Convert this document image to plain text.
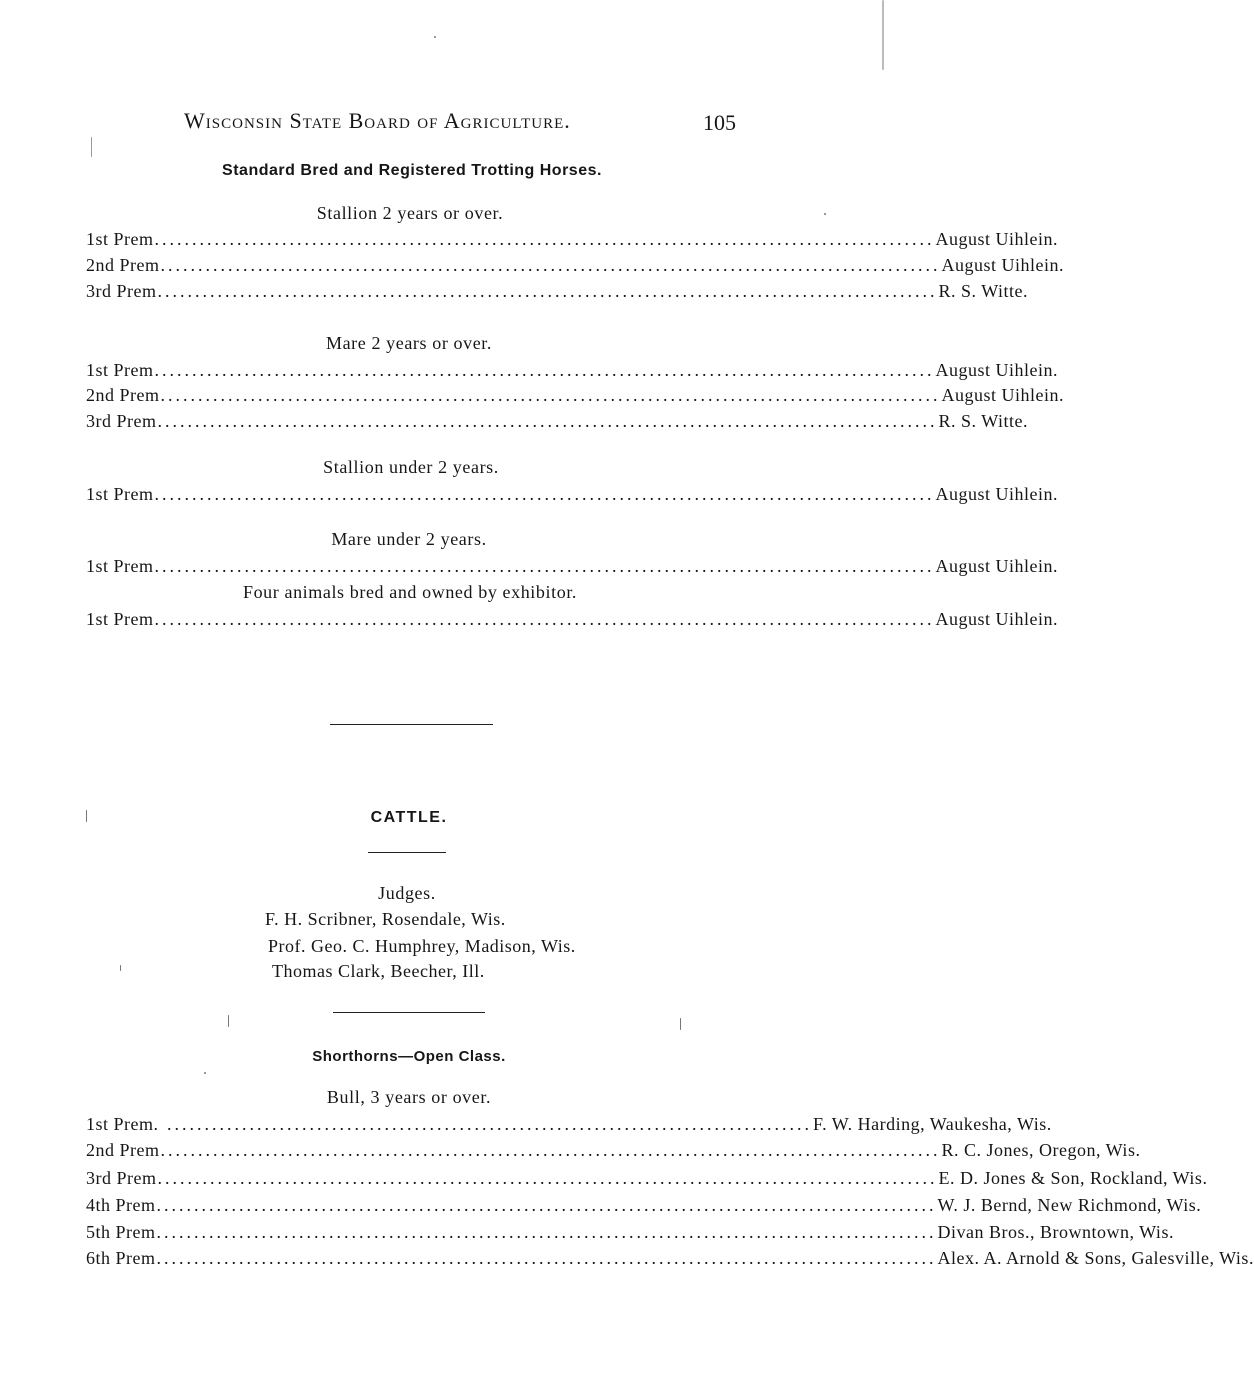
Wisconsin State Board of Agriculture.	105
Standard Bred and Registered Trotting Horses.
Stallion 2 years or over.
1st Prem ........................................................................................................ August Uihlein.
2nd Prem ........................................................................................................ August Uihlein.
3rd Prem ........................................................................................................ R. S. Witte.
Mare 2 years or over.
1st Prem ........................................................................................................ August Uihlein.
2nd Prem ........................................................................................................ August Uihlein.
3rd Prem ........................................................................................................ R. S. Witte.
Stallion under 2 years.
1st Prem ........................................................................................................ August Uihlein.
Mare under 2 years.
1st Prem ........................................................................................................ August Uihlein.
Four animals bred and owned by exhibitor.
1st Prem ........................................................................................................ August Uihlein.
CATTLE.
Judges.
F. H. Scribner, Rosendale, Wis.
Prof. Geo. C. Humphrey, Madison, Wis.
Thomas Clark, Beecher, Ill.
Shorthorns—Open Class.
Bull, 3 years or over.
1st Prem. ...................................................................................... F. W. Harding, Waukesha, Wis.
2nd Prem ........................................................................................................ R. C. Jones, Oregon, Wis.
3rd Prem ........................................................................................................ E. D. Jones & Son, Rockland, Wis.
4th Prem ........................................................................................................ W. J. Bernd, New Richmond, Wis.
5th Prem ........................................................................................................ Divan Bros., Browntown, Wis.
6th Prem ........................................................................................................ Alex. A. Arnold & Sons, Galesville, Wis.
